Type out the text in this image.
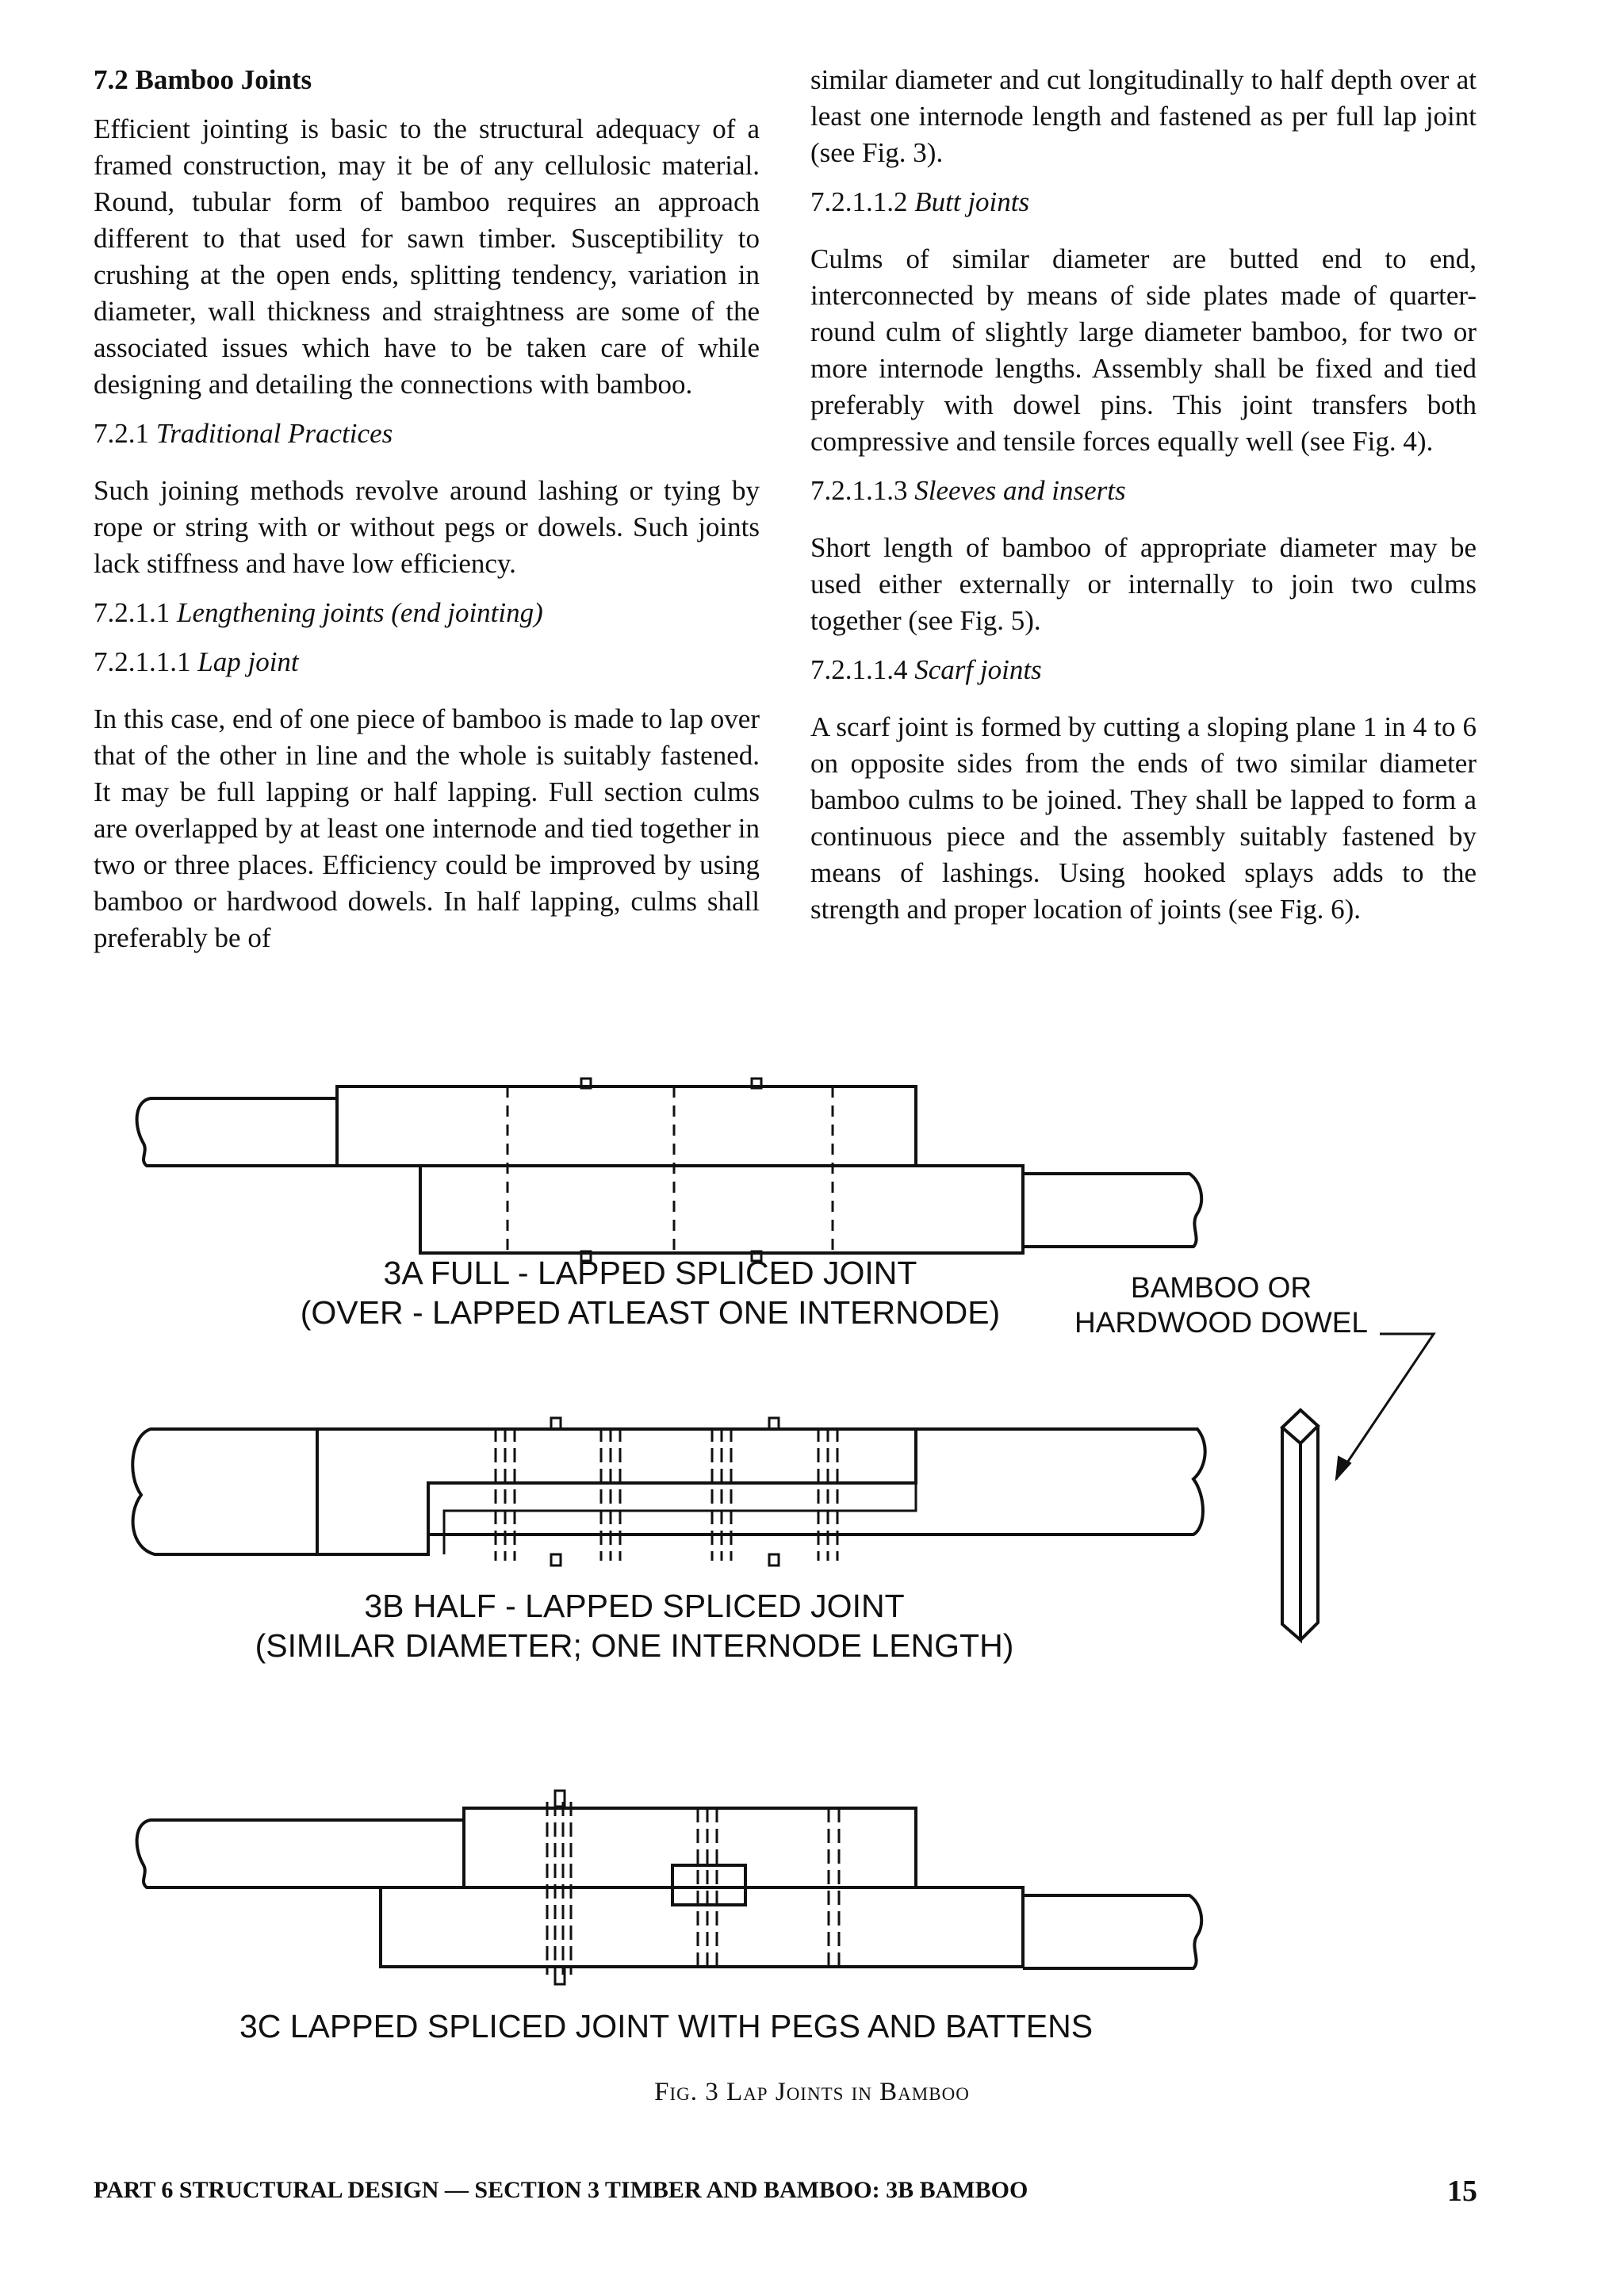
7.2 Bamboo Joints

Efficient jointing is basic to the structural adequacy of a framed construction, may it be of any cellulosic material. Round, tubular form of bamboo requires an approach different to that used for sawn timber. Susceptibility to crushing at the open ends, splitting tendency, variation in diameter, wall thickness and straightness are some of the associated issues which have to be taken care of while designing and detailing the connections with bamboo.

7.2.1 Traditional Practices

Such joining methods revolve around lashing or tying by rope or string with or without pegs or dowels. Such joints lack stiffness and have low efficiency.

7.2.1.1 Lengthening joints (end jointing)

7.2.1.1.1 Lap joint

In this case, end of one piece of bamboo is made to lap over that of the other in line and the whole is suitably fastened. It may be full lapping or half lapping. Full section culms are overlapped by at least one internode and tied together in two or three places. Efficiency could be improved by using bamboo or hardwood dowels. In half lapping, culms shall preferably be of

similar diameter and cut longitudinally to half depth over at least one internode length and fastened as per full lap joint (see Fig. 3).

7.2.1.1.2 Butt joints

Culms of similar diameter are butted end to end, interconnected by means of side plates made of quarter-round culm of slightly large diameter bamboo, for two or more internode lengths. Assembly shall be fixed and tied preferably with dowel pins. This joint transfers both compressive and tensile forces equally well (see Fig. 4).

7.2.1.1.3 Sleeves and inserts

Short length of bamboo of appropriate diameter may be used either externally or internally to join two culms together (see Fig. 5).

7.2.1.1.4 Scarf joints

A scarf joint is formed by cutting a sloping plane 1 in 4 to 6 on opposite sides from the ends of two similar diameter bamboo culms to be joined. They shall be lapped to form a continuous piece and the assembly suitably fastened by means of lashings. Using hooked splays adds to the strength and proper location of joints (see Fig. 6).

3A FULL - LAPPED SPLICED JOINT
(OVER - LAPPED ATLEAST ONE INTERNODE)
BAMBOO OR
HARDWOOD DOWEL
3B HALF - LAPPED SPLICED JOINT
(SIMILAR DIAMETER; ONE INTERNODE LENGTH)
3C LAPPED SPLICED JOINT WITH PEGS AND BATTENS
Fig. 3 Lap Joints in Bamboo
PART 6 STRUCTURAL DESIGN — SECTION 3 TIMBER AND BAMBOO: 3B BAMBOO	15
